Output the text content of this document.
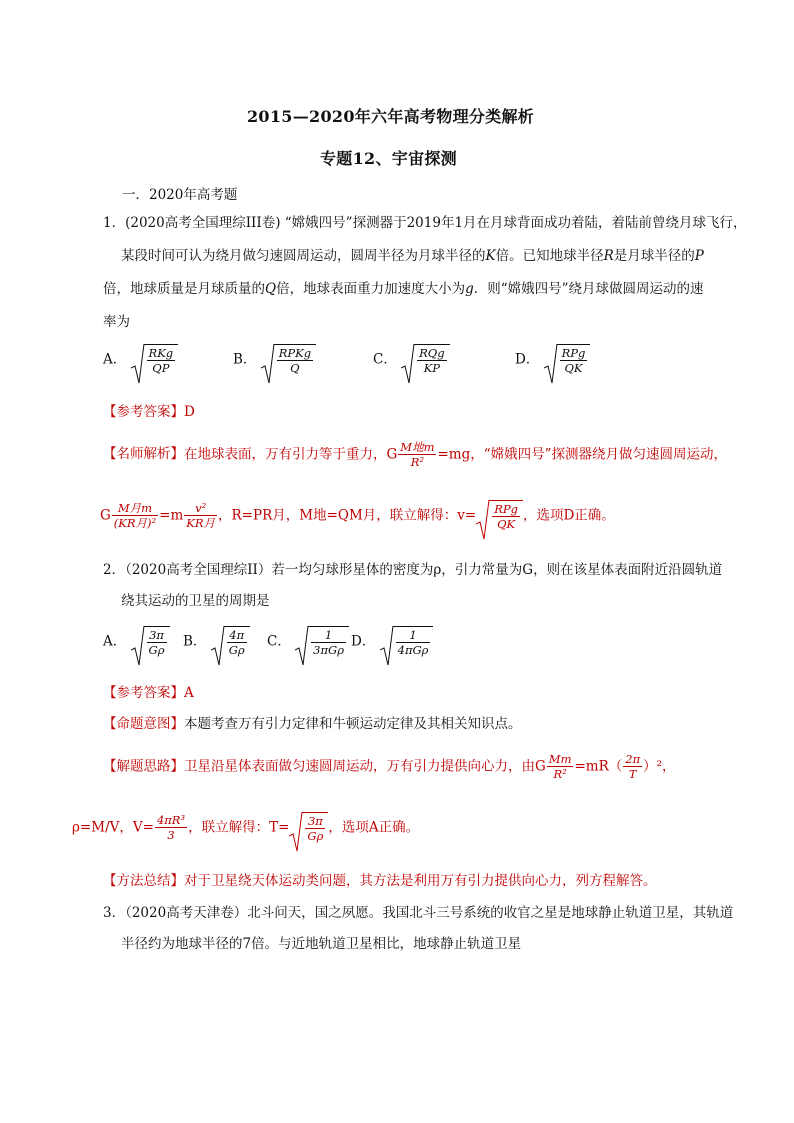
2015—2020年六年高考物理分类解析
专题12、宇宙探测
一．2020年高考题
1．(2020高考全国理综III卷) “嫦娥四号”探测器于2019年1月在月球背面成功着陆，着陆前曾绕月球飞行，
某段时间可认为绕月做匀速圆周运动，圆周半径为月球半径的K倍。已知地球半径R是月球半径的P
倍，地球质量是月球质量的Q倍，地球表面重力加速度大小为g．则“嫦娥四号”绕月球做圆周运动的速
率为
A． $\frac{\text{RKg}}{QP}$	B． $\frac{\text{RPKg}}{Q}$	C． $\frac{\text{RQg}}{KP}$	D． $\frac{\text{RPg}}{QK}$
【参考答案】D
【名师解析】在地球表面，万有引力等于重力，G $\frac{\text{M地m}}{\text{R²}} =mg$，“嫦娥四号”探测器绕月做匀速圆周运动，
G $\frac{\text{M月m}}{\text{(KR月)²}} =m \frac{\text{v²}}{\text{KR月}}$ ，R=PR月，M地=QM月，联立解得：$v= \frac{\text{RPg}}{QK}$ ，选项D正确。
2．（2020高考全国理综II）若一均匀球形星体的密度为ρ，引力常量为G，则在该星体表面附近沿圆轨道
绕其运动的卫星的周期是
A． $\frac{3\pi}{G\rho}$ B． $\frac{4\pi}{G\rho}$ C． $\frac{1}{\text{3πGρ}}$ D． $\frac{1}{\text{4πGρ}}$
【参考答案】A
【命题意图】本题考查万有引力定律和牛顿运动定律及其相关知识点。
【解题思路】卫星沿星体表面做匀速圆周运动，万有引力提供向心力，由G $\frac{Mm}{\text{R²}} =mR( \frac{2\pi}{T} )^2$，
ρ=M/V，$V= \frac{\text{4πR³}}{3}$ ，联立解得：$T= \frac{3\pi}{G\rho}$ ，选项A正确。
【方法总结】对于卫星绕天体运动类问题，其方法是利用万有引力提供向心力，列方程解答。
3．（2020高考天津卷）北斗问天，国之夙愿。我国北斗三号系统的收官之星是地球静止轨道卫星，其轨道
半径约为地球半径的7倍。与近地轨道卫星相比，地球静止轨道卫星
